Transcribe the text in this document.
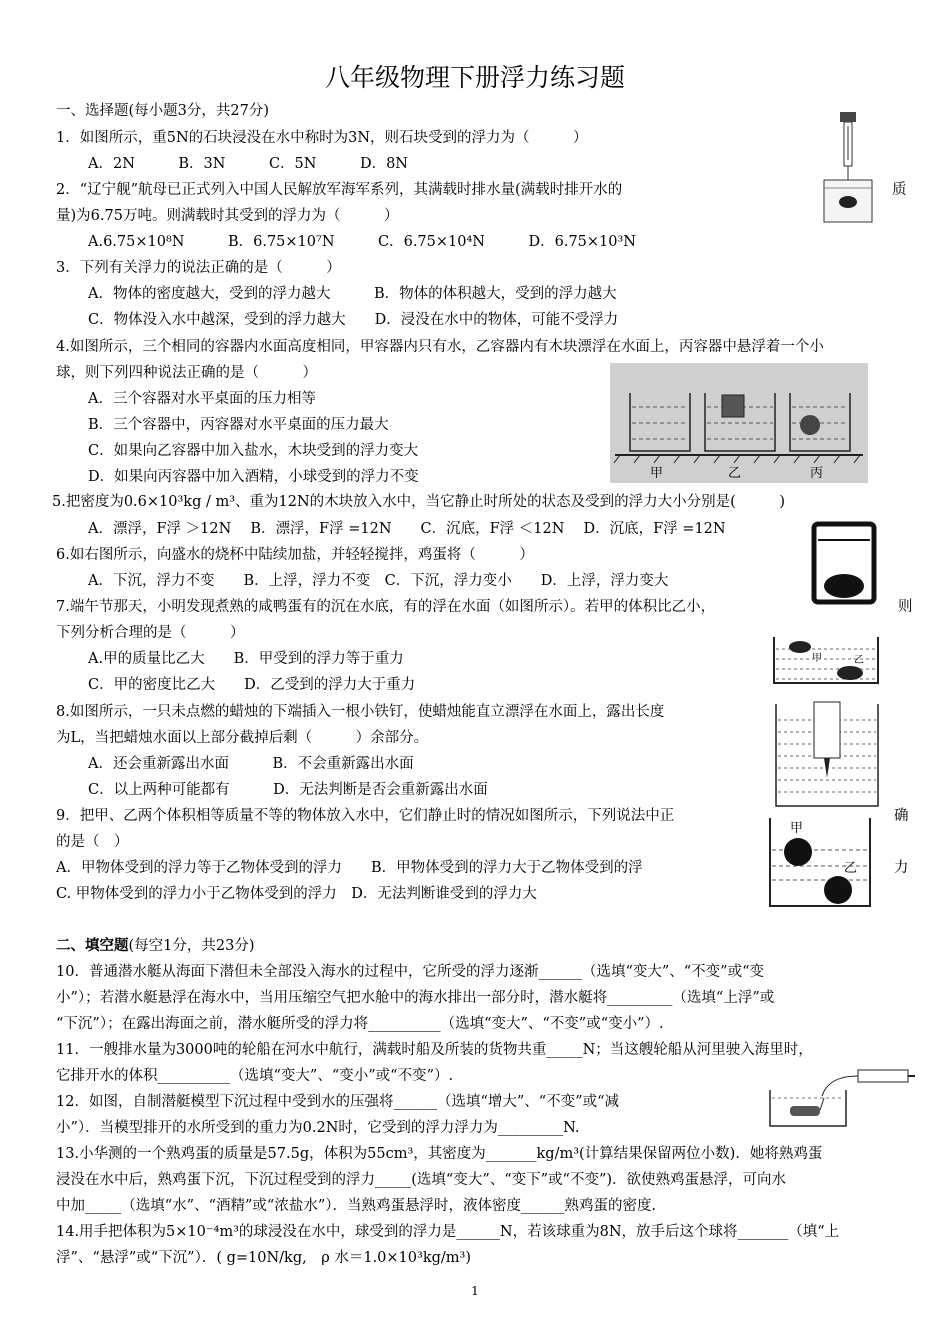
八年级物理下册浮力练习题
一、选择题(每小题3分，共27分)
1．如图所示，重5N的石块浸没在水中称时为3N，则石块受到的浮力为（　　　）
A．2N　　　B．3N　　　C．5N　　　D．8N
2．“辽宁舰”航母已正式列入中国人民解放军海军系列，其满载时排水量(满载时排开水的	质
量)为6.75万吨。则满载时其受到的浮力为（　　　）
A.6.75×10⁸N　　　B．6.75×10⁷N　　　C．6.75×10⁴N　　　D．6.75×10³N
3．下列有关浮力的说法正确的是（　　　）
A．物体的密度越大，受到的浮力越大　　　B．物体的体积越大，受到的浮力越大
C．物体没入水中越深，受到的浮力越大　　D．浸没在水中的物体，可能不受浮力
4.如图所示，三个相同的容器内水面高度相同，甲容器内只有水，乙容器内有木块漂浮在水面上，丙容器中悬浮着一个小
球，则下列四种说法正确的是（　　　）
A．三个容器对水平桌面的压力相等
B．三个容器中，丙容器对水平桌面的压力最大
C．如果向乙容器中加入盐水，木块受到的浮力变大
D．如果向丙容器中加入酒精，小球受到的浮力不变
5.把密度为0.6×10³kg / m³、重为12N的木块放入水中，当它静止时所处的状态及受到的浮力大小分别是(　　　)
A．漂浮，F浮 ＞12N　 B．漂浮，F浮 =12N　　C．沉底，F浮 ＜12N　 D．沉底，F浮 =12N
6.如右图所示，向盛水的烧杯中陆续加盐，并轻轻搅拌，鸡蛋将（　　　）
A．下沉，浮力不变　　B．上浮，浮力不变　C．下沉，浮力变小　　D．上浮，浮力变大
7.端午节那天，小明发现煮熟的咸鸭蛋有的沉在水底，有的浮在水面（如图所示）。若甲的体积比乙小，	则
下列分析合理的是（　　　）
A.甲的质量比乙大　　B．甲受到的浮力等于重力
C．甲的密度比乙大　　D．乙受到的浮力大于重力
8.如图所示，一只未点燃的蜡烛的下端插入一根小铁钉，使蜡烛能直立漂浮在水面上，露出长度
为L，当把蜡烛水面以上部分截掉后剩（　　　）余部分。
A．还会重新露出水面　　　B．不会重新露出水面
C．以上两种可能都有　　　D．无法判断是否会重新露出水面
9．把甲、乙两个体积相等质量不等的物体放入水中，它们静止时的情况如图所示，下列说法中正	确
的是（　）
A．甲物体受到的浮力等于乙物体受到的浮力　　B．甲物体受到的浮力大于乙物体受到的浮	力
C. 甲物体受到的浮力小于乙物体受到的浮力　D．无法判断谁受到的浮力大
二、填空题(每空1分，共23分)
10．普通潜水艇从海面下潜但未全部没入海水的过程中，它所受的浮力逐渐______（选填“变大”、“不变”或“变
小”）；若潜水艇悬浮在海水中，当用压缩空气把水舱中的海水排出一部分时，潜水艇将_________（选填“上浮”或
“下沉”）；在露出海面之前，潜水艇所受的浮力将__________（选填“变大”、“不变”或“变小”）.
11．一艘排水量为3000吨的轮船在河水中航行，满载时船及所装的货物共重_____N；当这艘轮船从河里驶入海里时，
它排开水的体积__________（选填“变大”、“变小”或“不变”）.
12．如图，自制潜艇模型下沉过程中受到水的压强将______（选填“增大”、“不变”或“减
小”）．当模型排开的水所受到的重力为0.2N时，它受到的浮力浮力为_________N.
13.小华测的一个熟鸡蛋的质量是57.5g，体积为55cm³，其密度为_______kg/m³(计算结果保留两位小数)．她将熟鸡蛋
浸没在水中后，熟鸡蛋下沉，下沉过程受到的浮力_____(选填“变大”、“变下”或“不变”)．欲使熟鸡蛋悬浮，可向水
中加_____（选填“水”、“酒精”或“浓盐水”）．当熟鸡蛋悬浮时，液体密度______熟鸡蛋的密度.
14.用手把体积为5×10⁻⁴m³的球浸没在水中，球受到的浮力是______N，若该球重为8N，放手后这个球将_______（填“上
浮”、“悬浮”或“下沉”）．( g=10N/kg,　ρ 水＝1.0×10³kg/m³)
1
甲	乙	丙
甲	乙
甲
乙
